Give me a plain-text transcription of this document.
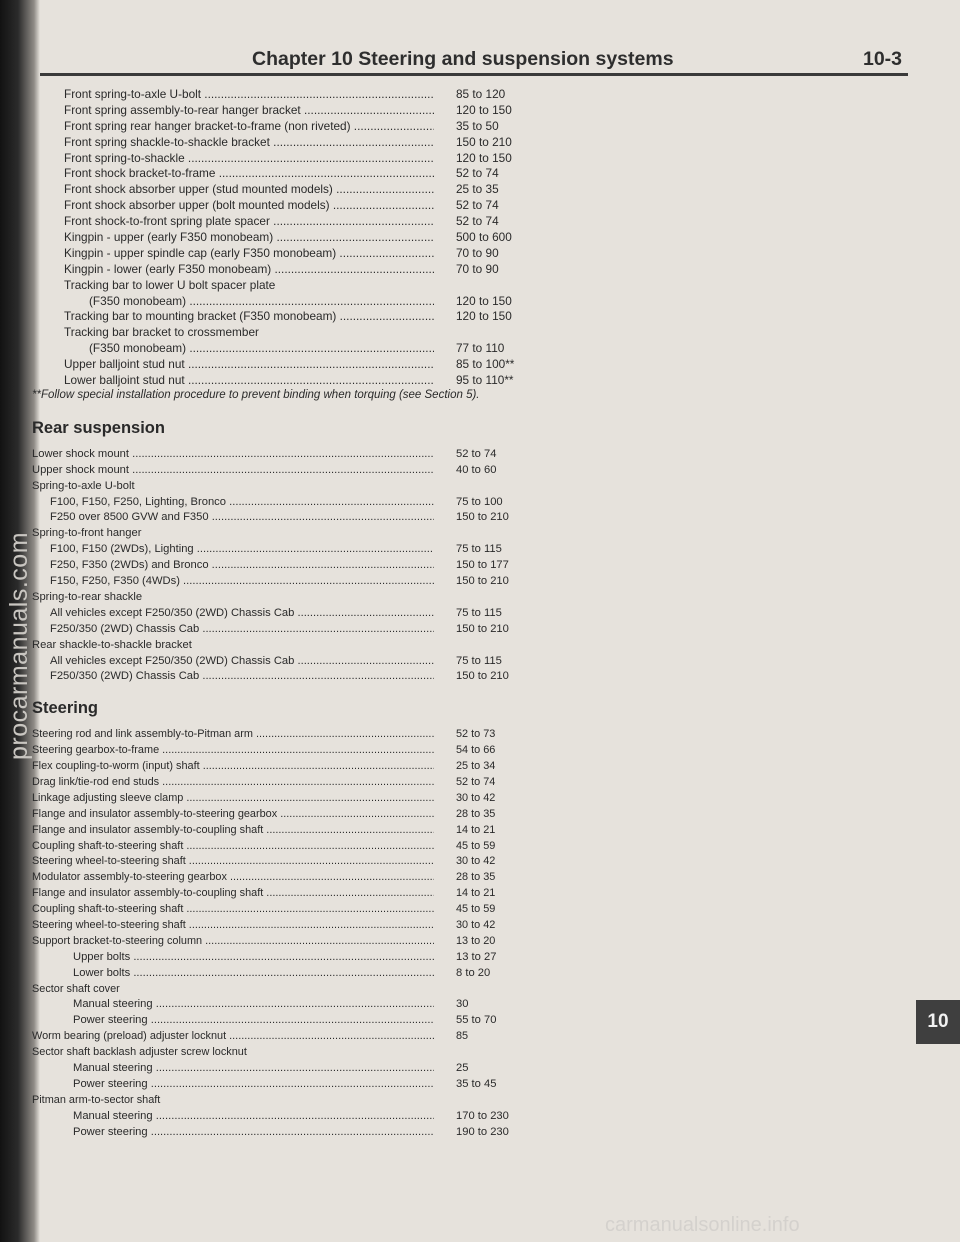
procarmanuals.com
Chapter 10 Steering and suspension systems	10-3
Front spring-to-axle U-bolt .....	85 to 120
Front spring assembly-to-rear hanger bracket .....	120 to 150
Front spring rear hanger bracket-to-frame (non riveted) .....	35 to 50
Front spring shackle-to-shackle bracket .....	150 to 210
Front spring-to-shackle .....	120 to 150
Front shock bracket-to-frame .....	52 to 74
Front shock absorber upper (stud mounted models) .....	25 to 35
Front shock absorber upper (bolt mounted models) .....	52 to 74
Front shock-to-front spring plate spacer .....	52 to 74
Kingpin - upper (early F350 monobeam) .....	500 to 600
Kingpin - upper spindle cap (early F350 monobeam) .....	70 to 90
Kingpin - lower (early F350 monobeam) .....	70 to 90
Tracking bar to lower U bolt spacer plate
(F350 monobeam) .....	120 to 150
Tracking bar to mounting bracket (F350 monobeam) .....	120 to 150
Tracking bar bracket to crossmember
(F350 monobeam) .....	77 to 110
Upper balljoint stud nut .....	85 to 100**
Lower balljoint stud nut .....	95 to 110**
**Follow special installation procedure to prevent binding when torquing (see Section 5).
Rear suspension
Lower shock mount .....	52 to 74
Upper shock mount .....	40 to 60
Spring-to-axle U-bolt
F100, F150, F250, Lighting, Bronco .....	75 to 100
F250 over 8500 GVW and F350 .....	150 to 210
Spring-to-front hanger
F100, F150 (2WDs), Lighting .....	75 to 115
F250, F350 (2WDs) and Bronco .....	150 to 177
F150, F250, F350 (4WDs) .....	150 to 210
Spring-to-rear shackle
All vehicles except F250/350 (2WD) Chassis Cab .....	75 to 115
F250/350 (2WD) Chassis Cab .....	150 to 210
Rear shackle-to-shackle bracket
All vehicles except F250/350 (2WD) Chassis Cab .....	75 to 115
F250/350 (2WD) Chassis Cab .....	150 to 210
Steering
Steering rod and link assembly-to-Pitman arm .....	52 to 73
Steering gearbox-to-frame .....	54 to 66
Flex coupling-to-worm (input) shaft .....	25 to 34
Drag link/tie-rod end studs .....	52 to 74
Linkage adjusting sleeve clamp .....	30 to 42
Flange and insulator assembly-to-steering gearbox .....	28 to 35
Flange and insulator assembly-to-coupling shaft .....	14 to 21
Coupling shaft-to-steering shaft .....	45 to 59
Steering wheel-to-steering shaft .....	30 to 42
Modulator assembly-to-steering gearbox .....	28 to 35
Flange and insulator assembly-to-coupling shaft .....	14 to 21
Coupling shaft-to-steering shaft .....	45 to 59
Steering wheel-to-steering shaft .....	30 to 42
Support bracket-to-steering column .....	13 to 20
Upper bolts .....	13 to 27
Lower bolts .....	8 to 20
Sector shaft cover
Manual steering .....	30
Power steering .....	55 to 70
Worm bearing (preload) adjuster locknut .....	85
Sector shaft backlash adjuster screw locknut
Manual steering .....	25
Power steering .....	35 to 45
Pitman arm-to-sector shaft
Manual steering .....	170 to 230
Power steering .....	190 to 230
10
carmanualsonline.info
